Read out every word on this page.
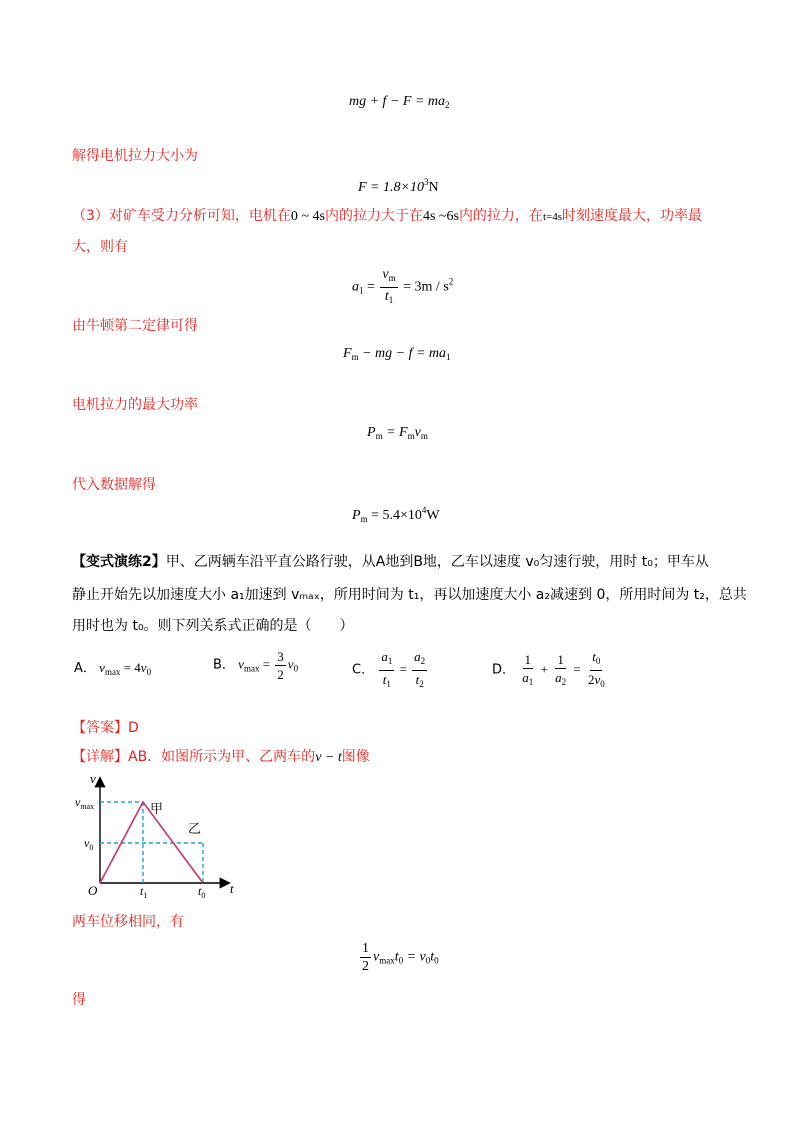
mg + $f - F = ma_2$
解得电机拉力大小为
$F = 1.8\times 10^3N$
（3）对矿车受力分析可知，电机在0 ~ 4s内的拉力大于在4s ~6s内的拉力，在t=4s时刻速度最大，功率最
大，则有
$a_1 = \frac{v_m}{t_1} = 3m / s^2$
由牛顿第二定律可得
$F_m$ − mg − $f = ma_1$
电机拉力的最大功率
$P_m = F_mv_m$
代入数据解得
$P_m = 5.4\times 10^4W$
【变式演练2】甲、乙两辆车沿平直公路行驶，从A地到B地，乙车以速度 v₀匀速行驶，用时 t₀；甲车从
静止开始先以加速度大小 a₁加速到 vₘₐₓ，所用时间为 t₁，再以加速度大小 a₂减速到 0，所用时间为 t₂，总共
用时也为 t₀。则下列关系式正确的是（　　）
A． $v_{max} = 4v_0$	B． $v_{max} = \frac{3}{2} v_0$	C． $\frac{a_1}{t_1} = \frac{a_2}{t_2}$	D． $\frac{1}{a_1} + \frac{1}{a_2} = \frac{t_0}{2v_0}$
【答案】D
【详解】AB．如图所示为甲、乙两车的v − t图像
v
t
O
$v_{max}$
$v_0$
$t_1$	$t_0$
甲
乙
两车位移相同，有
$\frac{1}{2} v_{max}t_0 = v_0t_0$
得
